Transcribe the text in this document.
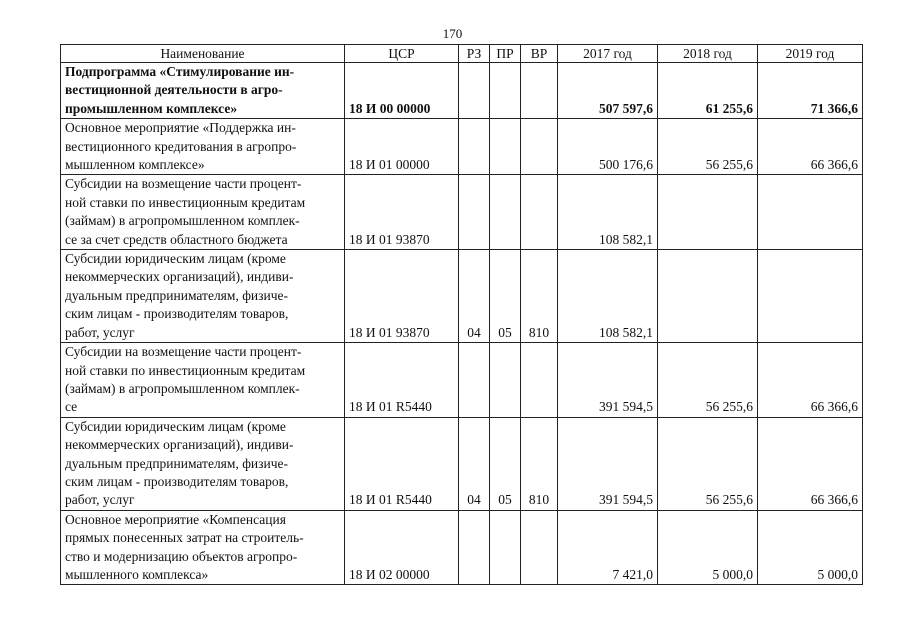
170
Наименование	ЦСР	РЗ	ПР	ВР	2017 год	2018 год	2019 год

Подпрограмма «Стимулирование ин-
вестиционной деятельности в агро-
промышленном комплексе»	18 И 00 00000				507 597,6	61 255,6	71 366,6

Основное мероприятие «Поддержка ин-
вестиционного кредитования в агропро-
мышленном комплексе»	18 И 01 00000				500 176,6	56 255,6	66 366,6

Субсидии на возмещение части процент-
ной ставки по инвестиционным кредитам
(займам) в агропромышленном комплек-
се за счет средств областного бюджета	18 И 01 93870				108 582,1		

Субсидии юридическим лицам (кроме
некоммерческих организаций), индиви-
дуальным предпринимателям, физиче-
ским лицам - производителям товаров,
работ, услуг	18 И 01 93870	04	05	810	108 582,1		

Субсидии на возмещение части процент-
ной ставки по инвестиционным кредитам
(займам) в агропромышленном комплек-
се	18 И 01 R5440				391 594,5	56 255,6	66 366,6

Субсидии юридическим лицам (кроме
некоммерческих организаций), индиви-
дуальным предпринимателям, физиче-
ским лицам - производителям товаров,
работ, услуг	18 И 01 R5440	04	05	810	391 594,5	56 255,6	66 366,6

Основное мероприятие «Компенсация
прямых понесенных затрат на строитель-
ство и модернизацию объектов агропро-
мышленного комплекса»	18 И 02 00000				7 421,0	5 000,0	5 000,0
